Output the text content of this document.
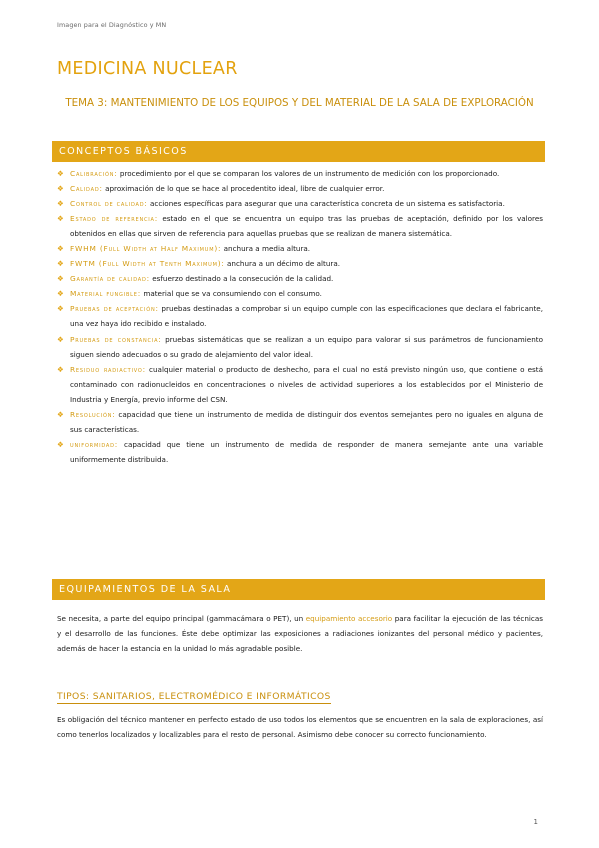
Imagen para el Diagnóstico y MN
MEDICINA NUCLEAR
TEMA 3: MANTENIMIENTO DE LOS EQUIPOS Y DEL MATERIAL DE LA SALA DE EXPLORACIÓN
CONCEPTOS BÁSICOS
❖ Calibración: procedimiento por el que se comparan los valores de un instrumento de medición con los proporcionado.
❖ Calidad: aproximación de lo que se hace al procedentito ideal, libre de cualquier error.
❖ Control de calidad: acciones específicas para asegurar que una característica concreta de un sistema es satisfactoria.
❖ Estado de referencia: estado en el que se encuentra un equipo tras las pruebas de aceptación, definido por los valores obtenidos en ellas que sirven de referencia para aquellas pruebas que se realizan de manera sistemática.
❖ FWHM (Full Width at Half Maximum): anchura a media altura.
❖ FWTM (Full Width at Tenth Maximum): anchura a un décimo de altura.
❖ Garantía de calidad: esfuerzo destinado a la consecución de la calidad.
❖ Material fungible: material que se va consumiendo con el consumo.
❖ Pruebas de aceptación: pruebas destinadas a comprobar si un equipo cumple con las especificaciones que declara el fabricante, una vez haya ido recibido e instalado.
❖ Pruebas de constancia: pruebas sistemáticas que se realizan a un equipo para valorar si sus parámetros de funcionamiento siguen siendo adecuados o su grado de alejamiento del valor ideal.
❖ Residuo radiactivo: cualquier material o producto de deshecho, para el cual no está previsto ningún uso, que contiene o está contaminado con radionucleidos en concentraciones o niveles de actividad superiores a los establecidos por el Ministerio de Industria y Energía, previo informe del CSN.
❖ Resolución: capacidad que tiene un instrumento de medida de distinguir dos eventos semejantes pero no iguales en alguna de sus características.
❖ uniformidad: capacidad que tiene un instrumento de medida de responder de manera semejante ante una variable uniformemente distribuida.
EQUIPAMIENTOS DE LA SALA

Se necesita, a parte del equipo principal (gammacámara o PET), un equipamiento accesorio para facilitar la ejecución de las técnicas y el desarrollo de las funciones. Éste debe optimizar las exposiciones a radiaciones ionizantes del personal médico y pacientes, además de hacer la estancia en la unidad lo más agradable posible.

TIPOS: SANITARIOS, ELECTROMÉDICO E INFORMÁTICOS

Es obligación del técnico mantener en perfecto estado de uso todos los elementos que se encuentren en la sala de exploraciones, así como tenerlos localizados y localizables para el resto de personal. Asimismo debe conocer su correcto funcionamiento.

1
